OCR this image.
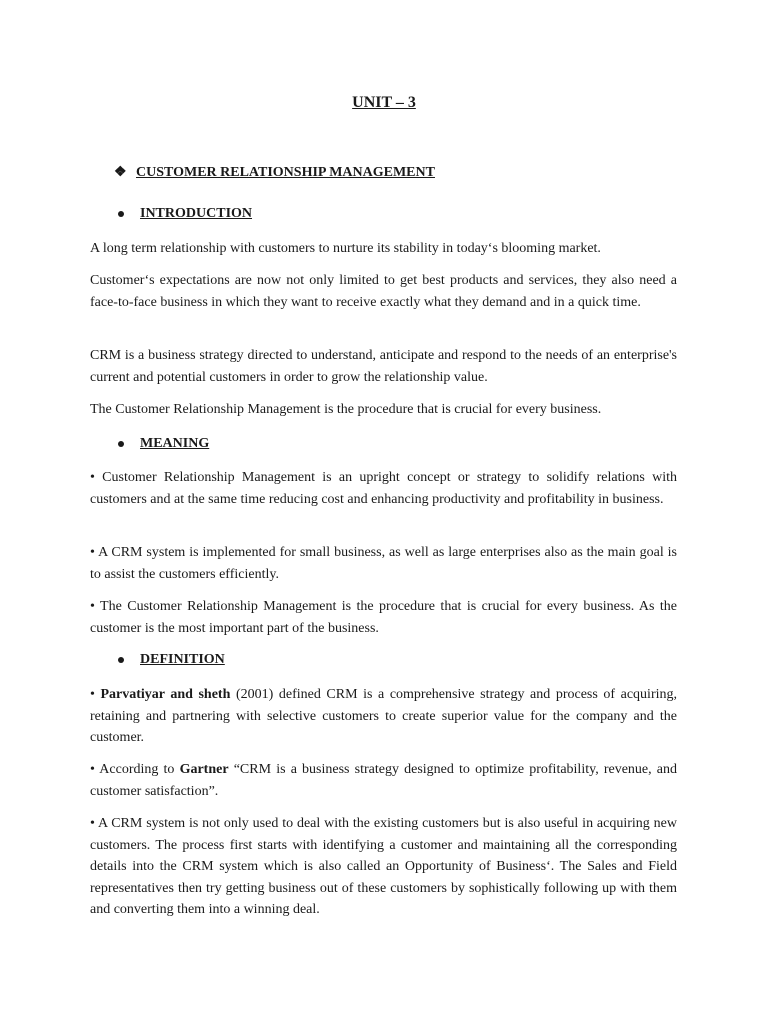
UNIT – 3
❖ CUSTOMER RELATIONSHIP MANAGEMENT
INTRODUCTION

A long term relationship with customers to nurture its stability in today‘s blooming market.

Customer‘s expectations are now not only limited to get best products and services, they also need a face-to-face business in which they want to receive exactly what they demand and in a quick time.

CRM is a business strategy directed to understand, anticipate and respond to the needs of an enterprise's current and potential customers in order to grow the relationship value.

The Customer Relationship Management is the procedure that is crucial for every business.

MEANING

• Customer Relationship Management is an upright concept or strategy to solidify relations with customers and at the same time reducing cost and enhancing productivity and profitability in business.

• A CRM system is implemented for small business, as well as large enterprises also as the main goal is to assist the customers efficiently.

• The Customer Relationship Management is the procedure that is crucial for every business. As the customer is the most important part of the business.

DEFINITION

• Parvatiyar and sheth (2001) defined CRM is a comprehensive strategy and process of acquiring, retaining and partnering with selective customers to create superior value for the company and the customer.

• According to Gartner “CRM is a business strategy designed to optimize profitability, revenue, and customer satisfaction”.

• A CRM system is not only used to deal with the existing customers but is also useful in acquiring new customers. The process first starts with identifying a customer and maintaining all the corresponding details into the CRM system which is also called an Opportunity of Business‘. The Sales and Field representatives then try getting business out of these customers by sophistically following up with them and converting them into a winning deal.
